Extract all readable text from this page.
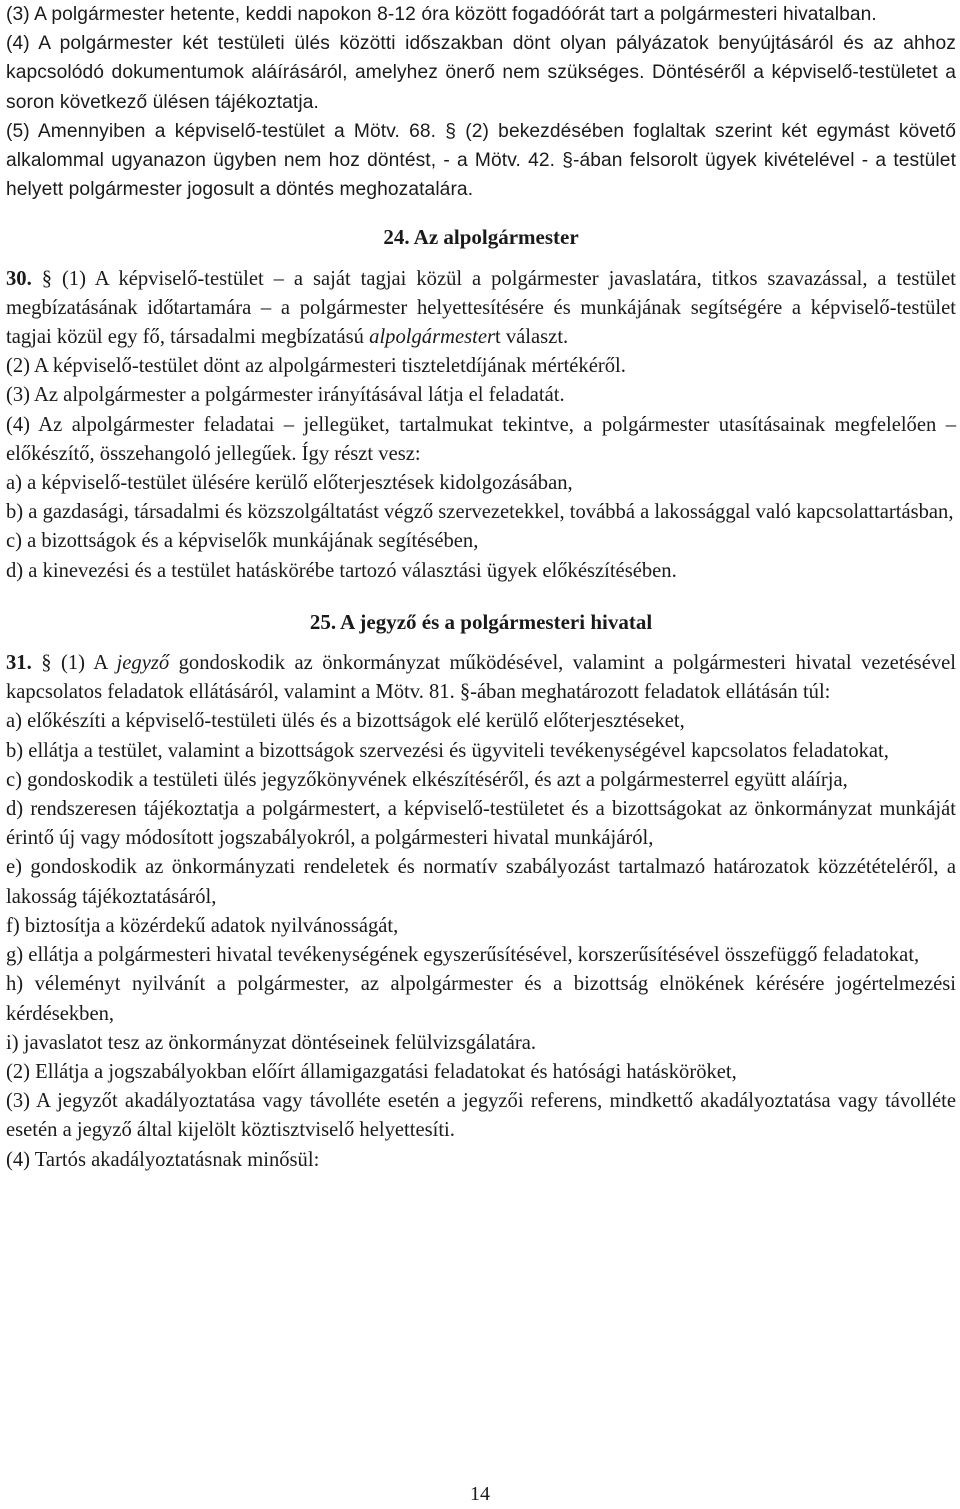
(3) A polgármester hetente, keddi napokon 8-12 óra között fogadóórát tart a polgármesteri hivatalban.

(4) A polgármester két testületi ülés közötti időszakban dönt olyan pályázatok benyújtásáról és az ahhoz kapcsolódó dokumentumok aláírásáról, amelyhez önerő nem szükséges. Döntéséről a képviselő-testületet a soron következő ülésen tájékoztatja.

(5) Amennyiben a képviselő-testület a Mötv. 68. § (2) bekezdésében foglaltak szerint két egymást követő alkalommal ugyanazon ügyben nem hoz döntést, - a Mötv. 42. §-ában felsorolt ügyek kivételével - a testület helyett polgármester jogosult a döntés meghozatalára.

24. Az alpolgármester

30. § (1) A képviselő-testület – a saját tagjai közül a polgármester javaslatára, titkos szavazással, a testület megbízatásának időtartamára – a polgármester helyettesítésére és munkájának segítségére a képviselő-testület tagjai közül egy fő, társadalmi megbízatású alpolgármestert választ.

(2) A képviselő-testület dönt az alpolgármesteri tiszteletdíjának mértékéről.

(3) Az alpolgármester a polgármester irányításával látja el feladatát.

(4) Az alpolgármester feladatai – jellegüket, tartalmukat tekintve, a polgármester utasításainak megfelelően – előkészítő, összehangoló jellegűek. Így részt vesz:

a) a képviselő-testület ülésére kerülő előterjesztések kidolgozásában,

b) a gazdasági, társadalmi és közszolgáltatást végző szervezetekkel, továbbá a lakossággal való kapcsolattartásban,

c) a bizottságok és a képviselők munkájának segítésében,

d) a kinevezési és a testület hatáskörébe tartozó választási ügyek előkészítésében.

25. A jegyző és a polgármesteri hivatal

31. § (1) A jegyző gondoskodik az önkormányzat működésével, valamint a polgármesteri hivatal vezetésével kapcsolatos feladatok ellátásáról, valamint a Mötv. 81. §-ában meghatározott feladatok ellátásán túl:

a) előkészíti a képviselő-testületi ülés és a bizottságok elé kerülő előterjesztéseket,

b) ellátja a testület, valamint a bizottságok szervezési és ügyviteli tevékenységével kapcsolatos feladatokat,

c) gondoskodik a testületi ülés jegyzőkönyvének elkészítéséről, és azt a polgármesterrel együtt aláírja,

d) rendszeresen tájékoztatja a polgármestert, a képviselő-testületet és a bizottságokat az önkormányzat munkáját érintő új vagy módosított jogszabályokról, a polgármesteri hivatal munkájáról,

e) gondoskodik az önkormányzati rendeletek és normatív szabályozást tartalmazó határozatok közzétételéről, a lakosság tájékoztatásáról,

f) biztosítja a közérdekű adatok nyilvánosságát,

g) ellátja a polgármesteri hivatal tevékenységének egyszerűsítésével, korszerűsítésével összefüggő feladatokat,

h) véleményt nyilvánít a polgármester, az alpolgármester és a bizottság elnökének kérésére jogértelmezési kérdésekben,

i) javaslatot tesz az önkormányzat döntéseinek felülvizsgálatára.

(2) Ellátja a jogszabályokban előírt államigazgatási feladatokat és hatósági hatásköröket,

(3) A jegyzőt akadályoztatása vagy távolléte esetén a jegyzői referens, mindkettő akadályoztatása vagy távolléte esetén a jegyző által kijelölt köztisztviselő helyettesíti.

(4) Tartós akadályoztatásnak minősül:

14
